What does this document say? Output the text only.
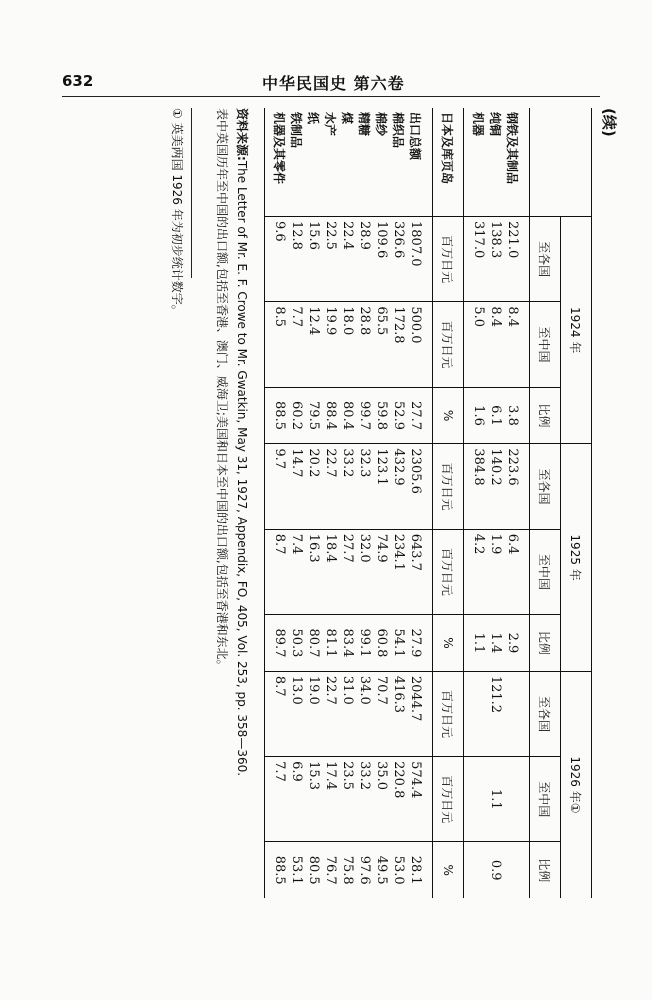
632	中华民国史 第六卷
(续)
	1924 年			1925 年			1926 年①		
	至各国	至中国	比例	至各国	至中国	比例	至各国	至中国	比例
钢铁及其制品	221.0	8.4	3.8	223.6	6.4	2.9			
纯铜	138.3	8.4	6.1	140.2	1.9	1.4	121.2	1.1	0.9
机器	317.0	5.0	1.6	384.8	4.2	1.1			
日本及库页岛	百万日元	百万日元	%	百万日元	百万日元	%	百万日元	百万日元	%
出口总额	1807.0	500.0	27.7	2305.6	643.7	27.9	2044.7	574.4	28.1
棉织品	326.6	172.8	52.9	432.9	234.1	54.1	416.3	220.8	53.0
棉纱	109.6	65.5	59.8	123.1	74.9	60.8	70.7	35.0	49.5
精糖	28.9	28.8	99.7	32.3	32.0	99.1	34.0	33.2	97.6
煤	22.4	18.0	80.4	33.2	27.7	83.4	31.0	23.5	75.8
水产	22.5	19.9	88.4	22.7	18.4	81.1	22.7	17.4	76.7
纸	15.6	12.4	79.5	20.2	16.3	80.7	19.0	15.3	80.5
铁制品	12.8	7.7	60.2	14.7	7.4	50.3	13.0	6.9	53.1
机器及其零件	9.6	8.5	88.5	9.7	8.7	89.7	8.7	7.7	88.5
资料来源:The Letter of Mr. E. F. Crowe to Mr. Gwatkin, May 31, 1927, Appendix, FO, 405, Vol. 253, pp. 358—360.
表中英国历年至中国的出口额,包括至香港、澳门、威海卫;美国和日本至中国的出口额,包括至香港和东北。
① 英美两国 1926 年为初步统计数字。
